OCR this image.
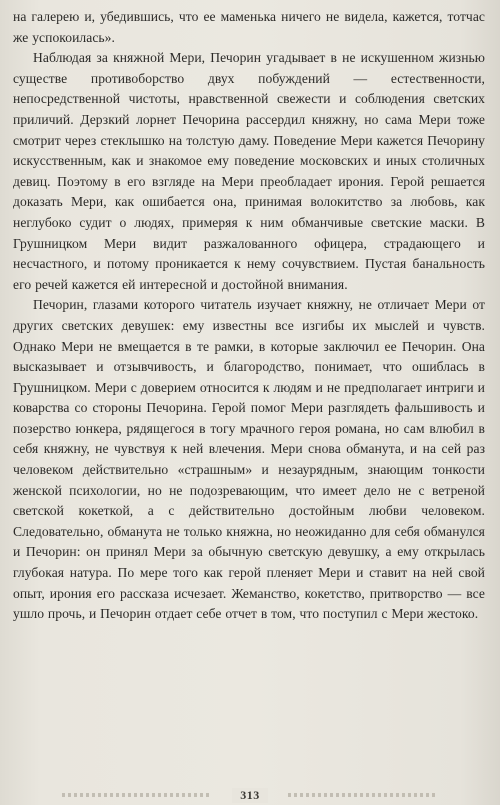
на галерею и, убедившись, что ее маменька ничего не видела, кажется, тотчас же успокоилась».

Наблюдая за княжной Мери, Печорин угадывает в не искушенном жизнью существе противоборство двух побуждений — естественности, непосредственной чистоты, нравственной свежести и соблюдения светских приличий. Дерзкий лорнет Печорина рассердил княжну, но сама Мери тоже смотрит через стеклышко на толстую даму. Поведение Мери кажется Печорину искусственным, как и знакомое ему поведение московских и иных столичных девиц. Поэтому в его взгляде на Мери преобладает ирония. Герой решается доказать Мери, как ошибается она, принимая волокитство за любовь, как неглубоко судит о людях, примеряя к ним обманчивые светские маски. В Грушницком Мери видит разжалованного офицера, страдающего и несчастного, и потому проникается к нему сочувствием. Пустая банальность его речей кажется ей интересной и достойной внимания.

Печорин, глазами которого читатель изучает княжну, не отличает Мери от других светских девушек: ему известны все изгибы их мыслей и чувств. Однако Мери не вмещается в те рамки, в которые заключил ее Печорин. Она высказывает и отзывчивость, и благородство, понимает, что ошиблась в Грушницком. Мери с доверием относится к людям и не предполагает интриги и коварства со стороны Печорина. Герой помог Мери разглядеть фальшивость и позерство юнкера, рядящегося в тогу мрачного героя романа, но сам влюбил в себя княжну, не чувствуя к ней влечения. Мери снова обманута, и на сей раз человеком действительно «страшным» и незаурядным, знающим тонкости женской психологии, но не подозревающим, что имеет дело не с ветреной светской кокеткой, а с действительно достойным любви человеком. Следовательно, обманута не только княжна, но неожиданно для себя обманулся и Печорин: он принял Мери за обычную светскую девушку, а ему открылась глубокая натура. По мере того как герой пленяет Мери и ставит на ней свой опыт, ирония его рассказа исчезает. Жеманство, кокетство, притворство — все ушло прочь, и Печорин отдает себе отчет в том, что поступил с Мери жестоко.

313
